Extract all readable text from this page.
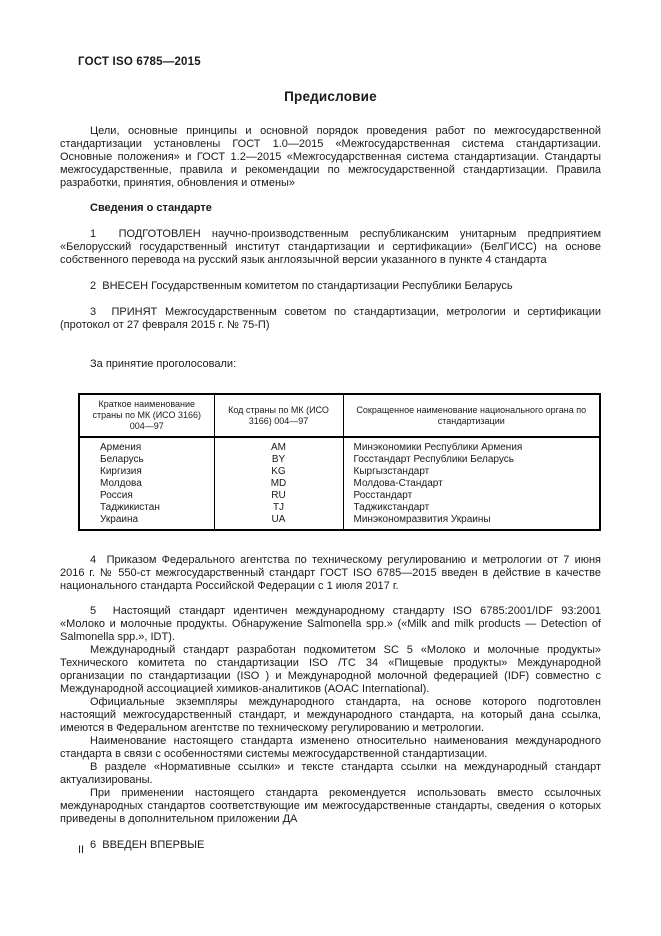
ГОСТ ISO 6785—2015

Предисловие

Цели, основные принципы и основной порядок проведения работ по межгосударственной стандартизации установлены ГОСТ 1.0—2015 «Межгосударственная система стандартизации. Основные положения» и ГОСТ 1.2—2015 «Межгосударственная система стандартизации. Стандарты межгосударственные, правила и рекомендации по межгосударственной стандартизации. Правила разработки, принятия, обновления и отмены»

Сведения о стандарте

1  ПОДГОТОВЛЕН научно-производственным республиканским унитарным предприятием «Белорусский государственный институт стандартизации и сертификации» (БелГИСС) на основе собственного перевода на русский язык англоязычной версии указанного в пункте 4 стандарта

2  ВНЕСЕН Государственным комитетом по стандартизации Республики Беларусь

3  ПРИНЯТ Межгосударственным советом по стандартизации, метрологии и сертификации (протокол от 27 февраля 2015 г. № 75-П)

За принятие проголосовали:

Краткое наименование страны по МК (ИСО 3166) 004—97	Код страны по МК (ИСО 3166) 004—97	Сокращенное наименование национального органа по стандартизации
Армения	AM	Минэкономики Республики Армения
Беларусь	BY	Госстандарт Республики Беларусь
Киргизия	KG	Кыргызстандарт
Молдова	MD	Молдова-Стандарт
Россия	RU	Росстандарт
Таджикистан	TJ	Таджикстандарт
Украина	UA	Минэкономразвития Украины

4  Приказом Федерального агентства по техническому регулированию и метрологии от 7 июня 2016 г. № 550-ст межгосударственный стандарт ГОСТ ISO 6785—2015 введен в действие в качестве национального стандарта Российской Федерации с 1 июля 2017 г.

5  Настоящий стандарт идентичен международному стандарту ISO 6785:2001/IDF 93:2001 «Молоко и молочные продукты. Обнаружение Salmonella spp.» («Milk and milk products — Detection of Salmonella spp.», IDT).

Международный стандарт разработан подкомитетом SC 5 «Молоко и молочные продукты» Технического комитета по стандартизации ISO /ТС 34 «Пищевые продукты» Международной организации по стандартизации (ISO ) и Международной молочной федерацией (IDF) совместно с Международной ассоциацией химиков-аналитиков (AOAC International).

Официальные экземпляры международного стандарта, на основе которого подготовлен настоящий межгосударственный стандарт, и международного стандарта, на который дана ссылка, имеются в Федеральном агентстве по техническому регулированию и метрологии.

Наименование настоящего стандарта изменено относительно наименования международного стандарта в связи с особенностями системы межгосударственной стандартизации.

В разделе «Нормативные ссылки» и тексте стандарта ссылки на международный стандарт актуализированы.

При применении настоящего стандарта рекомендуется использовать вместо ссылочных международных стандартов соответствующие им межгосударственные стандарты, сведения о которых приведены в дополнительном приложении ДА

6  ВВЕДЕН ВПЕРВЫЕ

II
